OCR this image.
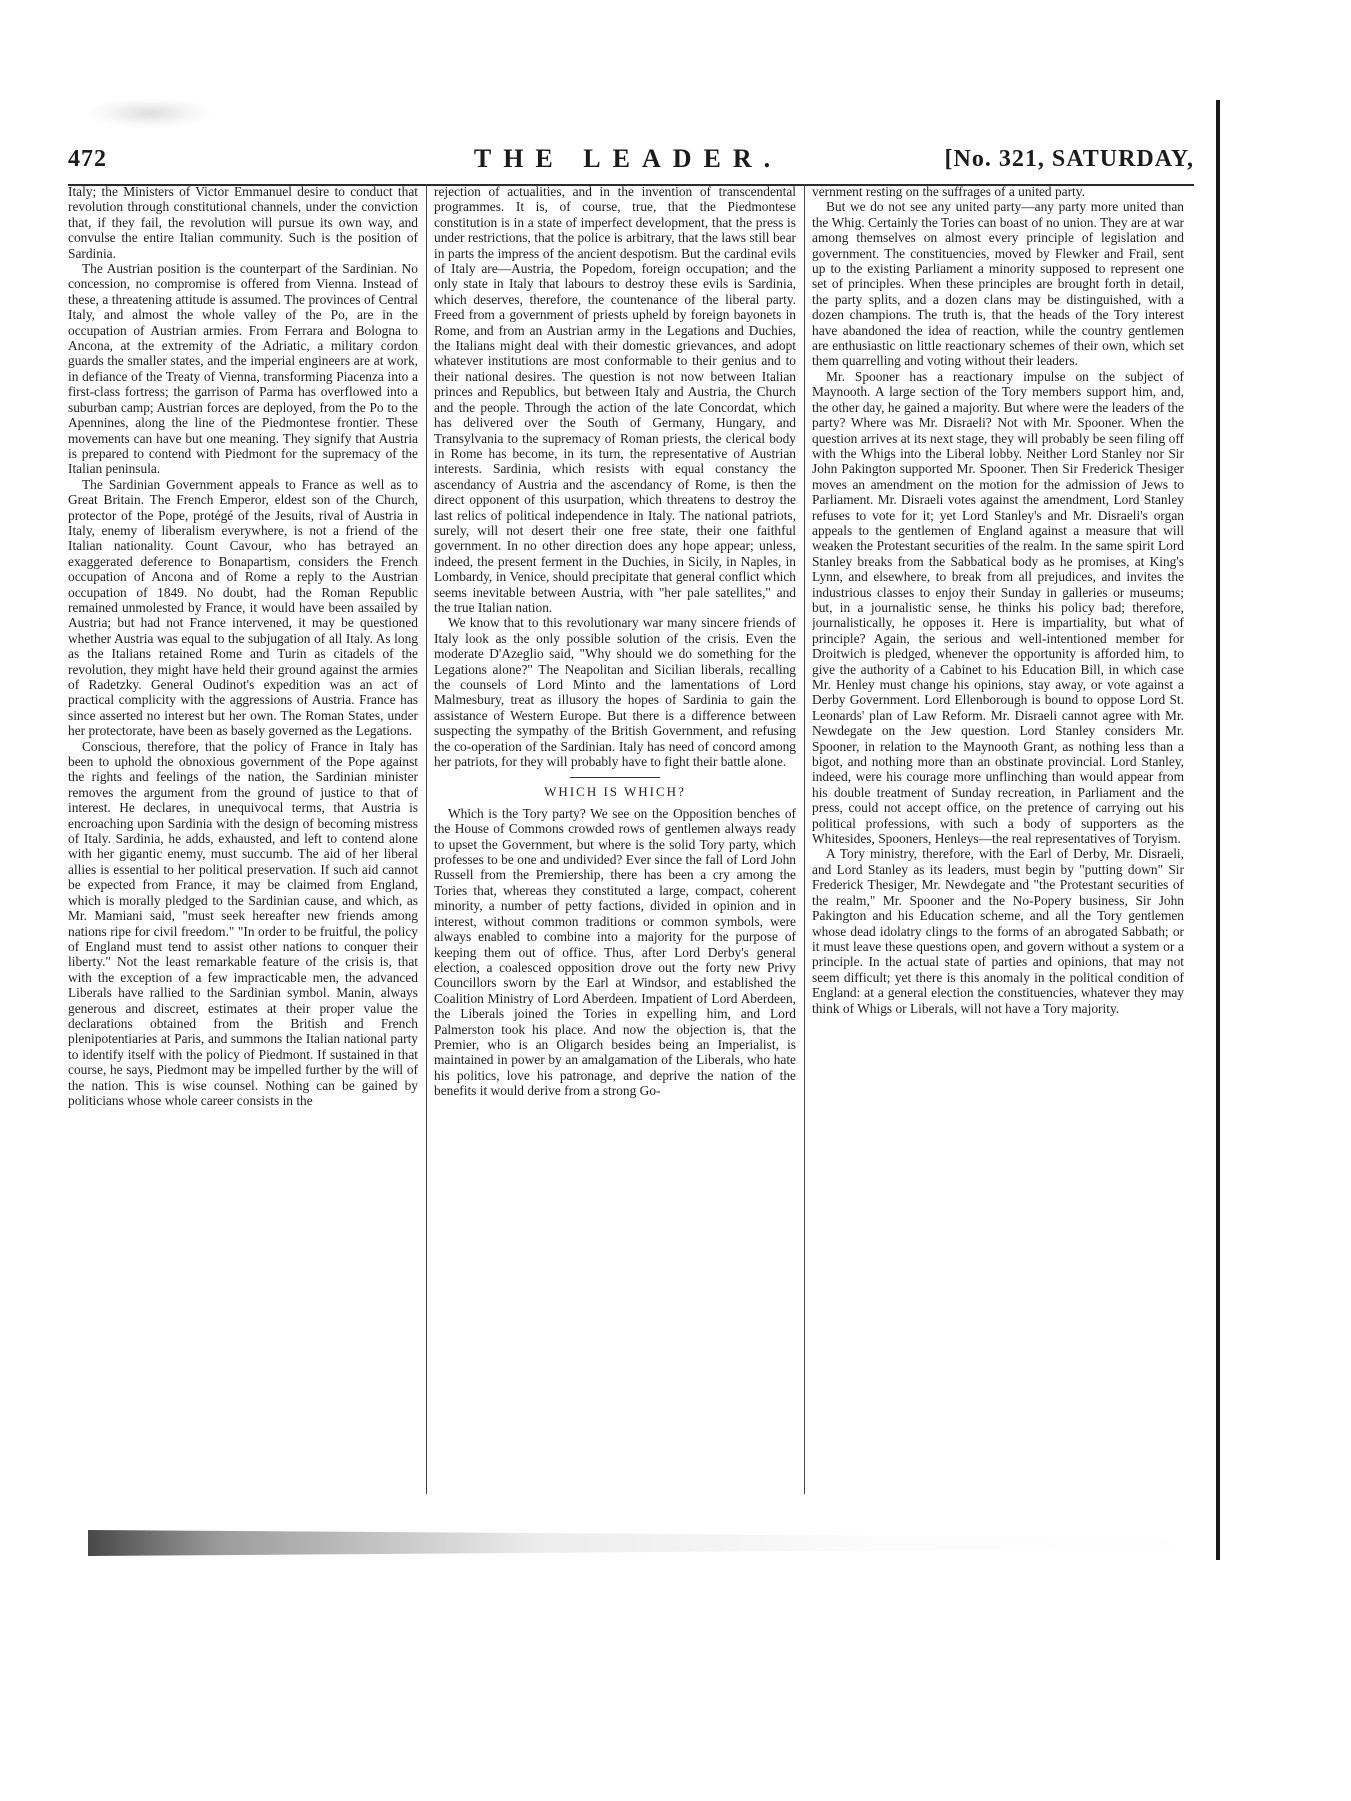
472	THE LEADER.	[No. 321, SATURDAY,

Italy; the Ministers of Victor Emmanuel desire to conduct that revolution through constitutional channels, under the conviction that, if they fail, the revolution will pursue its own way, and convulse the entire Italian community. Such is the position of Sardinia.

The Austrian position is the counterpart of the Sardinian. No concession, no compromise is offered from Vienna. Instead of these, a threatening attitude is assumed. The provinces of Central Italy, and almost the whole valley of the Po, are in the occupation of Austrian armies. From Ferrara and Bologna to Ancona, at the extremity of the Adriatic, a military cordon guards the smaller states, and the imperial engineers are at work, in defiance of the Treaty of Vienna, transforming Piacenza into a first-class fortress; the garrison of Parma has overflowed into a suburban camp; Austrian forces are deployed, from the Po to the Apennines, along the line of the Piedmontese frontier. These movements can have but one meaning. They signify that Austria is prepared to contend with Piedmont for the supremacy of the Italian peninsula.

The Sardinian Government appeals to France as well as to Great Britain. The French Emperor, eldest son of the Church, protector of the Pope, protégé of the Jesuits, rival of Austria in Italy, enemy of liberalism everywhere, is not a friend of the Italian nationality. Count Cavour, who has betrayed an exaggerated deference to Bonapartism, considers the French occupation of Ancona and of Rome a reply to the Austrian occupation of 1849. No doubt, had the Roman Republic remained unmolested by France, it would have been assailed by Austria; but had not France intervened, it may be questioned whether Austria was equal to the subjugation of all Italy. As long as the Italians retained Rome and Turin as citadels of the revolution, they might have held their ground against the armies of Radetzky. General Oudinot's expedition was an act of practical complicity with the aggressions of Austria. France has since asserted no interest but her own. The Roman States, under her protectorate, have been as basely governed as the Legations.

Conscious, therefore, that the policy of France in Italy has been to uphold the obnoxious government of the Pope against the rights and feelings of the nation, the Sardinian minister removes the argument from the ground of justice to that of interest. He declares, in unequivocal terms, that Austria is encroaching upon Sardinia with the design of becoming mistress of Italy. Sardinia, he adds, exhausted, and left to contend alone with her gigantic enemy, must succumb. The aid of her liberal allies is essential to her political preservation. If such aid cannot be expected from France, it may be claimed from England, which is morally pledged to the Sardinian cause, and which, as Mr. Mamiani said, "must seek hereafter new friends among nations ripe for civil freedom." "In order to be fruitful, the policy of England must tend to assist other nations to conquer their liberty." Not the least remarkable feature of the crisis is, that with the exception of a few impracticable men, the advanced Liberals have rallied to the Sardinian symbol. Manin, always generous and discreet, estimates at their proper value the declarations obtained from the British and French plenipotentiaries at Paris, and summons the Italian national party to identify itself with the policy of Piedmont. If sustained in that course, he says, Piedmont may be impelled further by the will of the nation. This is wise counsel. Nothing can be gained by politicians whose whole career consists in the

rejection of actualities, and in the invention of transcendental programmes. It is, of course, true, that the Piedmontese constitution is in a state of imperfect development, that the press is under restrictions, that the police is arbitrary, that the laws still bear in parts the impress of the ancient despotism. But the cardinal evils of Italy are—Austria, the Popedom, foreign occupation; and the only state in Italy that labours to destroy these evils is Sardinia, which deserves, therefore, the countenance of the liberal party. Freed from a government of priests upheld by foreign bayonets in Rome, and from an Austrian army in the Legations and Duchies, the Italians might deal with their domestic grievances, and adopt whatever institutions are most conformable to their genius and to their national desires. The question is not now between Italian princes and Republics, but between Italy and Austria, the Church and the people. Through the action of the late Concordat, which has delivered over the South of Germany, Hungary, and Transylvania to the supremacy of Roman priests, the clerical body in Rome has become, in its turn, the representative of Austrian interests. Sardinia, which resists with equal constancy the ascendancy of Austria and the ascendancy of Rome, is then the direct opponent of this usurpation, which threatens to destroy the last relics of political independence in Italy. The national patriots, surely, will not desert their one free state, their one faithful government. In no other direction does any hope appear; unless, indeed, the present ferment in the Duchies, in Sicily, in Naples, in Lombardy, in Venice, should precipitate that general conflict which seems inevitable between Austria, with "her pale satellites," and the true Italian nation.

We know that to this revolutionary war many sincere friends of Italy look as the only possible solution of the crisis. Even the moderate D'Azeglio said, "Why should we do something for the Legations alone?" The Neapolitan and Sicilian liberals, recalling the counsels of Lord Minto and the lamentations of Lord Malmesbury, treat as illusory the hopes of Sardinia to gain the assistance of Western Europe. But there is a difference between suspecting the sympathy of the British Government, and refusing the co-operation of the Sardinian. Italy has need of concord among her patriots, for they will probably have to fight their battle alone.

WHICH IS WHICH?

Which is the Tory party? We see on the Opposition benches of the House of Commons crowded rows of gentlemen always ready to upset the Government, but where is the solid Tory party, which professes to be one and undivided? Ever since the fall of Lord John Russell from the Premiership, there has been a cry among the Tories that, whereas they constituted a large, compact, coherent minority, a number of petty factions, divided in opinion and in interest, without common traditions or common symbols, were always enabled to combine into a majority for the purpose of keeping them out of office. Thus, after Lord Derby's general election, a coalesced opposition drove out the forty new Privy Councillors sworn by the Earl at Windsor, and established the Coalition Ministry of Lord Aberdeen. Impatient of Lord Aberdeen, the Liberals joined the Tories in expelling him, and Lord Palmerston took his place. And now the objection is, that the Premier, who is an Oligarch besides being an Imperialist, is maintained in power by an amalgamation of the Liberals, who hate his politics, love his patronage, and deprive the nation of the benefits it would derive from a strong Go-

vernment resting on the suffrages of a united party.

But we do not see any united party—any party more united than the Whig. Certainly the Tories can boast of no union. They are at war among themselves on almost every principle of legislation and government. The constituencies, moved by Flewker and Frail, sent up to the existing Parliament a minority supposed to represent one set of principles. When these principles are brought forth in detail, the party splits, and a dozen clans may be distinguished, with a dozen champions. The truth is, that the heads of the Tory interest have abandoned the idea of reaction, while the country gentlemen are enthusiastic on little reactionary schemes of their own, which set them quarrelling and voting without their leaders.

Mr. Spooner has a reactionary impulse on the subject of Maynooth. A large section of the Tory members support him, and, the other day, he gained a majority. But where were the leaders of the party? Where was Mr. Disraeli? Not with Mr. Spooner. When the question arrives at its next stage, they will probably be seen filing off with the Whigs into the Liberal lobby. Neither Lord Stanley nor Sir John Pakington supported Mr. Spooner. Then Sir Frederick Thesiger moves an amendment on the motion for the admission of Jews to Parliament. Mr. Disraeli votes against the amendment, Lord Stanley refuses to vote for it; yet Lord Stanley's and Mr. Disraeli's organ appeals to the gentlemen of England against a measure that will weaken the Protestant securities of the realm. In the same spirit Lord Stanley breaks from the Sabbatical body as he promises, at King's Lynn, and elsewhere, to break from all prejudices, and invites the industrious classes to enjoy their Sunday in galleries or museums; but, in a journalistic sense, he thinks his policy bad; therefore, journalistically, he opposes it. Here is impartiality, but what of principle? Again, the serious and well-intentioned member for Droitwich is pledged, whenever the opportunity is afforded him, to give the authority of a Cabinet to his Education Bill, in which case Mr. Henley must change his opinions, stay away, or vote against a Derby Government. Lord Ellenborough is bound to oppose Lord St. Leonards' plan of Law Reform. Mr. Disraeli cannot agree with Mr. Newdegate on the Jew question. Lord Stanley considers Mr. Spooner, in relation to the Maynooth Grant, as nothing less than a bigot, and nothing more than an obstinate provincial. Lord Stanley, indeed, were his courage more unflinching than would appear from his double treatment of Sunday recreation, in Parliament and the press, could not accept office, on the pretence of carrying out his political professions, with such a body of supporters as the Whitesides, Spooners, Henleys—the real representatives of Toryism.

A Tory ministry, therefore, with the Earl of Derby, Mr. Disraeli, and Lord Stanley as its leaders, must begin by "putting down" Sir Frederick Thesiger, Mr. Newdegate and "the Protestant securities of the realm," Mr. Spooner and the No-Popery business, Sir John Pakington and his Education scheme, and all the Tory gentlemen whose dead idolatry clings to the forms of an abrogated Sabbath; or it must leave these questions open, and govern without a system or a principle. In the actual state of parties and opinions, that may not seem difficult; yet there is this anomaly in the political condition of England: at a general election the constituencies, whatever they may think of Whigs or Liberals, will not have a Tory majority.
